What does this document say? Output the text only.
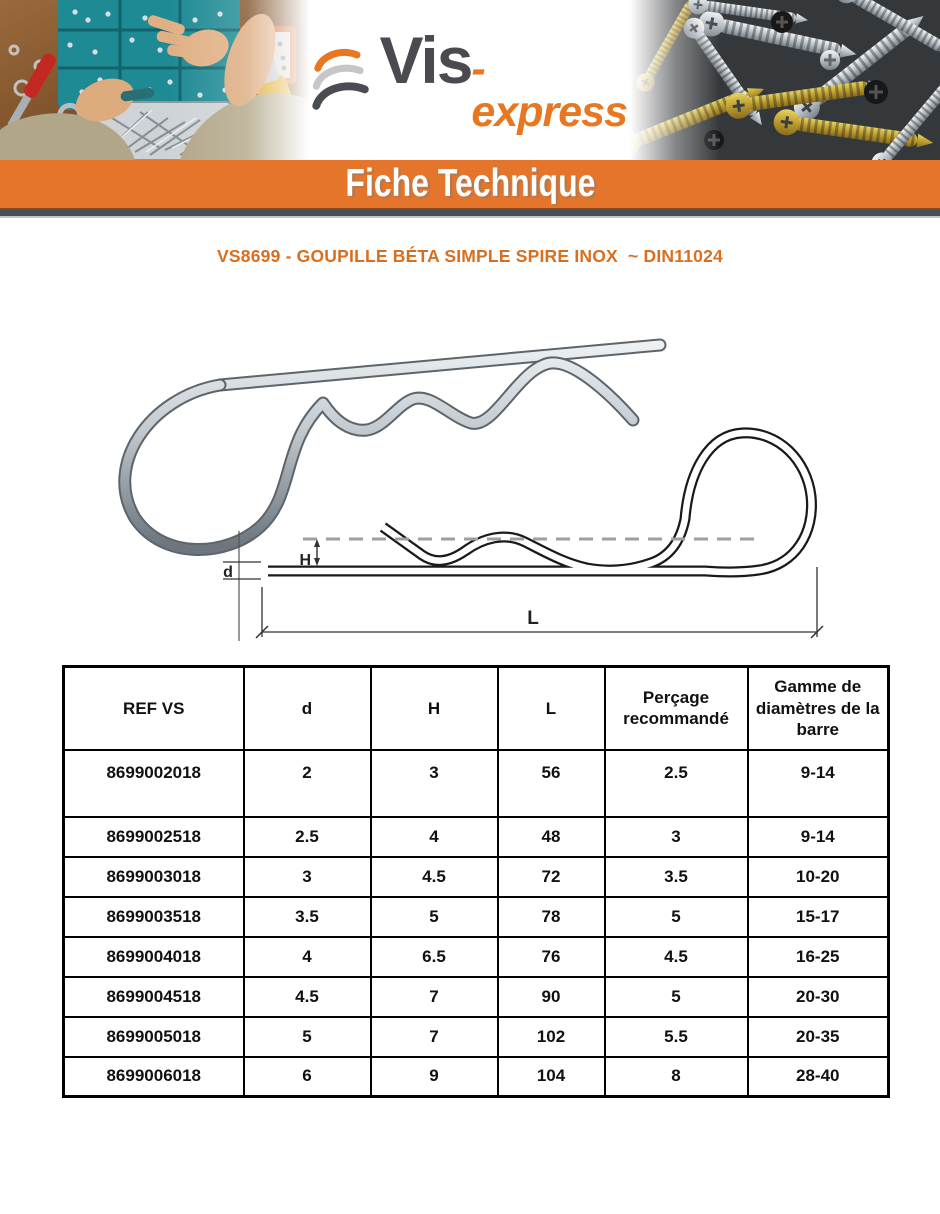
Vis -express
Fiche Technique
VS8699 - GOUPILLE BÉTA SIMPLE SPIRE INOX  ~ DIN11024
d
H
L
REF VS	d	H	L	Perçage recommandé	Gamme de diamètres de la barre
8699002018	2	3	56	2.5	9-14
8699002518	2.5	4	48	3	9-14
8699003018	3	4.5	72	3.5	10-20
8699003518	3.5	5	78	5	15-17
8699004018	4	6.5	76	4.5	16-25
8699004518	4.5	7	90	5	20-30
8699005018	5	7	102	5.5	20-35
8699006018	6	9	104	8	28-40
